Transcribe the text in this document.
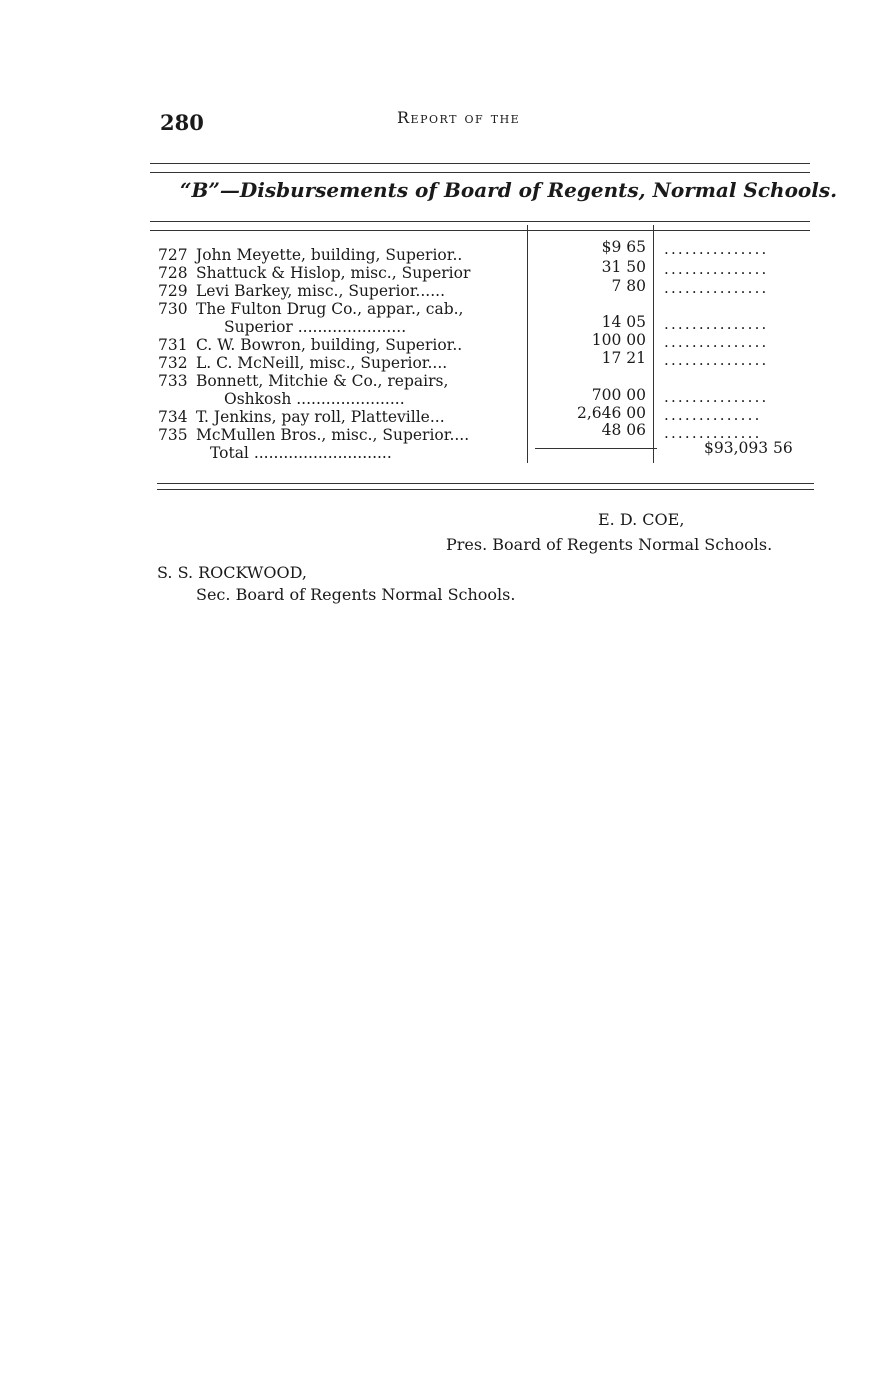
280	Report of the
“B”—Disbursements of Board of Regents, Normal Schools.
727 John Meyette, building, Superior..	$9 65 ...............
728 Shattuck & Hislop, misc., Superior	31 50 ...............
729 Levi Barkey, misc., Superior......	7 80 ...............
730 The Fulton Drug Co., appar., cab.,
Superior ......................	14 05 ...............
731 C. W. Bowron, building, Superior..	100 00 ...............
732 L. C. McNeill, misc., Superior....	17 21 ...............
733 Bonnett, Mitchie & Co., repairs,
Oshkosh ......................	700 00 ...............
734 T. Jenkins, pay roll, Platteville...	2,646 00 ..............
735 McMullen Bros., misc., Superior....	48 06 ..............
Total ............................	$93,093 56
E. D. COE,
Pres. Board of Regents Normal Schools.
S. S. ROCKWOOD,
Sec. Board of Regents Normal Schools.
